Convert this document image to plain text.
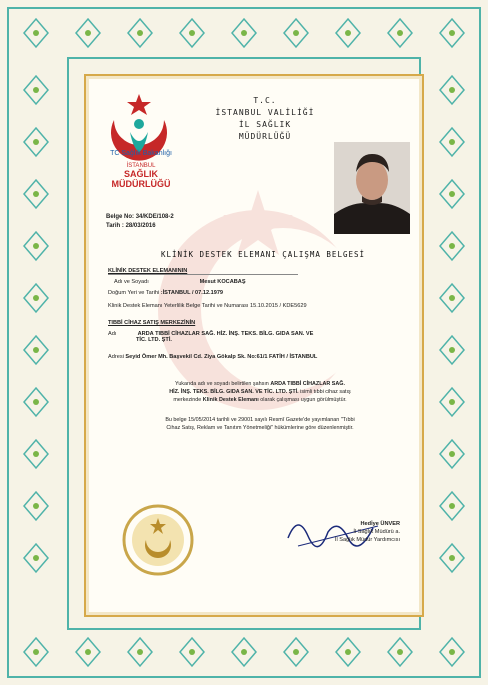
TC Sağlık Bakanlığı
İSTANBUL
SAĞLIK
MÜDÜRLÜĞÜ
T.C.
İSTANBUL VALİLİĞİ
İL SAĞLIK MÜDÜRLÜĞÜ
Belge No: 34/KDE/108-2
Tarih : 28/03/2016
KLİNİK DESTEK ELEMANI ÇALIŞMA BELGESİ
KLİNİK DESTEK ELEMANININ
Adı ve Soyadı	Mesut KOCABAŞ
Doğum Yeri ve Tarihi :İSTANBUL / 07.12.1979
Klinik Destek Elemanı Yeterlilik Belge Tarihi ve Numarası 15.10.2015 / KDE5629
TIBBİ CİHAZ SATIŞ MERKEZİNİN
Adı	ARDA TIBBİ CİHAZLAR SAĞ. HİZ. İNŞ. TEKS. BİLG. GIDA SAN. VE
TİC. LTD. ŞTİ.
Adresi Seyid Ömer Mh. Başvekil Cd. Ziya Gökalp Sk. No:61/1 FATİH / İSTANBUL
Yukarıda adı ve soyadı belirtilen şahsın ARDA TIBBİ CİHAZLAR SAĞ.
HİZ. İNŞ. TEKS. BİLG. GIDA SAN. VE TİC. LTD. ŞTİ. isimli tıbbi cihaz satış
merkezinde Klinik Destek Elemanı olarak çalışması uygun görülmüştür.
Bu belge 15/05/2014 tarihli ve 29001 sayılı Resmî Gazete'de yayımlanan "Tıbbi
Cihaz Satış, Reklam ve Tanıtım Yönetmeliği" hükümlerine göre düzenlenmiştir.
Hedi̇ye ÜNVER
İl Sağlık Müdürü a.
İl Sağlık Müdür Yardımcısı
